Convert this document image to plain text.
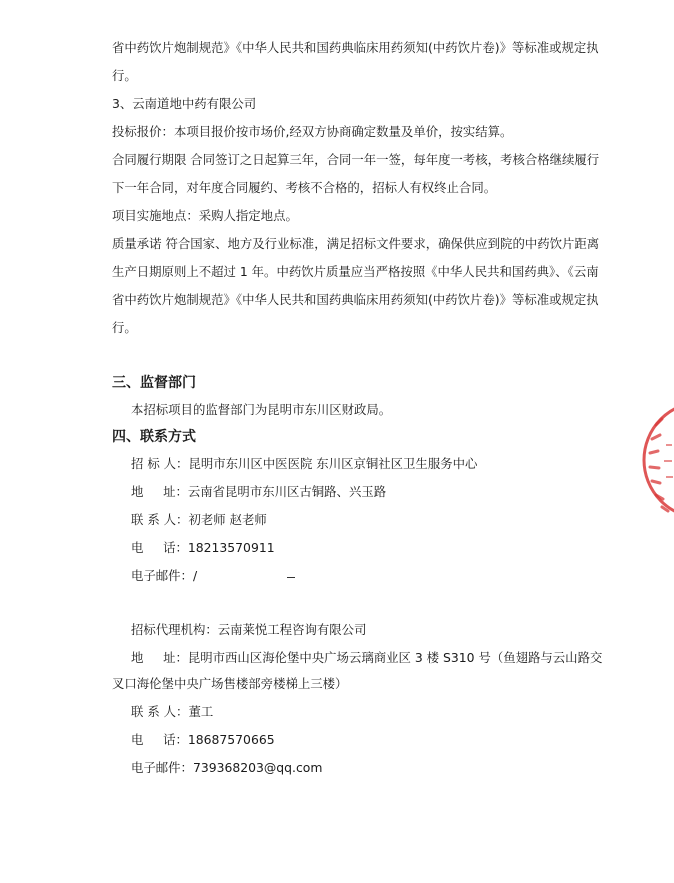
省中药饮片炮制规范》《中华人民共和国药典临床用药须知(中药饮片卷)》等标准或规定执
行。
3、云南道地中药有限公司
投标报价：本项目报价按市场价,经双方协商确定数量及单价，按实结算。
合同履行期限 合同签订之日起算三年，合同一年一签，每年度一考核，考核合格继续履行
下一年合同，对年度合同履约、考核不合格的，招标人有权终止合同。
项目实施地点：采购人指定地点。
质量承诺 符合国家、地方及行业标准，满足招标文件要求，确保供应到院的中药饮片距离
生产日期原则上不超过 1 年。中药饮片质量应当严格按照《中华人民共和国药典》、《云南
省中药饮片炮制规范》《中华人民共和国药典临床用药须知(中药饮片卷)》等标准或规定执
行。
三、监督部门
本招标项目的监督部门为昆明市东川区财政局。
四、联系方式
招 标 人：昆明市东川区中医医院 东川区京铜社区卫生服务中心
地     址：云南省昆明市东川区古铜路、兴玉路
联 系 人：初老师 赵老师
电     话：18213570911
电子邮件：/
招标代理机构：云南莱悦工程咨询有限公司
地     址：昆明市西山区海伦堡中央广场云璃商业区 3 楼 S310 号（鱼翅路与云山路交
叉口海伦堡中央广场售楼部旁楼梯上三楼）
联 系 人：董工
电     话：18687570665
电子邮件：739368203@qq.com
